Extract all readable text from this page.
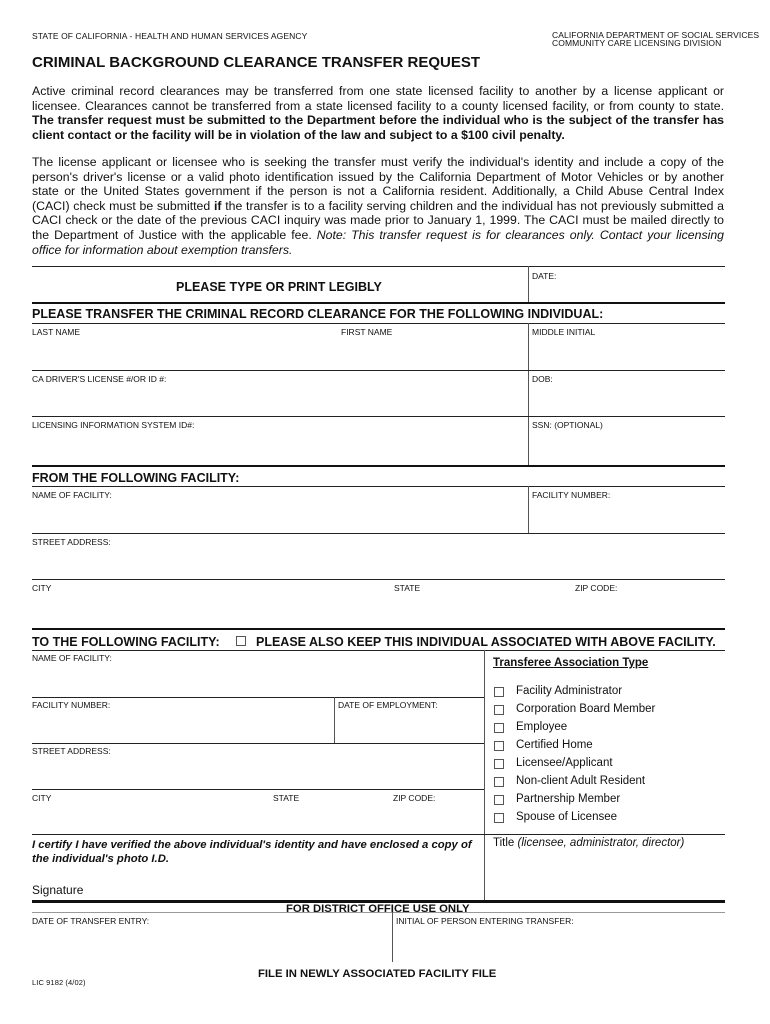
STATE OF CALIFORNIA - HEALTH AND HUMAN SERVICES AGENCY	CALIFORNIA DEPARTMENT OF SOCIAL SERVICES
COMMUNITY CARE LICENSING DIVISION
CRIMINAL BACKGROUND CLEARANCE TRANSFER REQUEST
Active criminal record clearances may be transferred from one state licensed facility to another by a license applicant or licensee. Clearances cannot be transferred from a state licensed facility to a county licensed facility, or from county to state. The transfer request must be submitted to the Department before the individual who is the subject of the transfer has client contact or the facility will be in violation of the law and subject to a $100 civil penalty.
The license applicant or licensee who is seeking the transfer must verify the individual's identity and include a copy of the person's driver's license or a valid photo identification issued by the California Department of Motor Vehicles or by another state or the United States government if the person is not a California resident. Additionally, a Child Abuse Central Index (CACI) check must be submitted if the transfer is to a facility serving children and the individual has not previously submitted a CACI check or the date of the previous CACI inquiry was made prior to January 1, 1999. The CACI must be mailed directly to the Department of Justice with the applicable fee. Note: This transfer request is for clearances only. Contact your licensing office for information about exemption transfers.
PLEASE TYPE OR PRINT LEGIBLY
DATE:
PLEASE TRANSFER THE CRIMINAL RECORD CLEARANCE FOR THE FOLLOWING INDIVIDUAL:
LAST NAME	FIRST NAME	MIDDLE INITIAL
CA DRIVER'S LICENSE #/OR ID #:	DOB:
LICENSING INFORMATION SYSTEM ID#:	SSN: (OPTIONAL)
FROM THE FOLLOWING FACILITY:
NAME OF FACILITY:	FACILITY NUMBER:
STREET ADDRESS:
CITY	STATE	ZIP CODE:
TO THE FOLLOWING FACILITY:	PLEASE ALSO KEEP THIS INDIVIDUAL ASSOCIATED WITH ABOVE FACILITY.
NAME OF FACILITY:
FACILITY NUMBER:	DATE OF EMPLOYMENT:
STREET ADDRESS:
CITY	STATE	ZIP CODE:
Transferee Association Type
Facility Administrator
Corporation Board Member
Employee
Certified Home
Licensee/Applicant
Non-client Adult Resident
Partnership Member
Spouse of Licensee
I certify I have verified the above individual's identity and have enclosed a copy of the individual's photo I.D.
Title (licensee, administrator, director)
Signature
FOR DISTRICT OFFICE USE ONLY
DATE OF TRANSFER ENTRY:	INITIAL OF PERSON ENTERING TRANSFER:
LIC 9182 (4/02)
FILE IN NEWLY ASSOCIATED FACILITY FILE
